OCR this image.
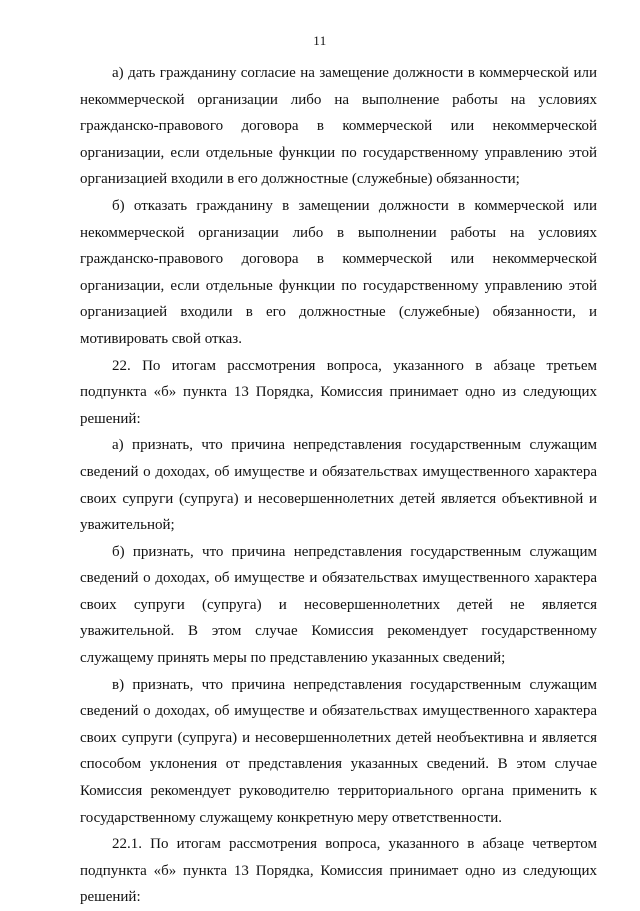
11

а) дать гражданину согласие на замещение должности в коммерческой или некоммерческой организации либо на выполнение работы на условиях гражданско-правового договора в коммерческой или некоммерческой организации, если отдельные функции по государственному управлению этой организацией входили в его должностные (служебные) обязанности;

б) отказать гражданину в замещении должности в коммерческой или некоммерческой организации либо в выполнении работы на условиях гражданско-правового договора в коммерческой или некоммерческой организации, если отдельные функции по государственному управлению этой организацией входили в его должностные (служебные) обязанности, и мотивировать свой отказ.

22. По итогам рассмотрения вопроса, указанного в абзаце третьем подпункта «б» пункта 13 Порядка, Комиссия принимает одно из следующих решений:

а) признать, что причина непредставления государственным служащим сведений о доходах, об имуществе и обязательствах имущественного характера своих супруги (супруга) и несовершеннолетних детей является объективной и уважительной;

б) признать, что причина непредставления государственным служащим сведений о доходах, об имуществе и обязательствах имущественного характера своих супруги (супруга) и несовершеннолетних детей не является уважительной. В этом случае Комиссия рекомендует государственному служащему принять меры по представлению указанных сведений;

в) признать, что причина непредставления государственным служащим сведений о доходах, об имуществе и обязательствах имущественного характера своих супруги (супруга) и несовершеннолетних детей необъективна и является способом уклонения от представления указанных сведений. В этом случае Комиссия рекомендует руководителю территориального органа применить к государственному служащему конкретную меру ответственности.

22.1. По итогам рассмотрения вопроса, указанного в абзаце четвертом подпункта «б» пункта 13 Порядка, Комиссия принимает одно из следующих решений:
